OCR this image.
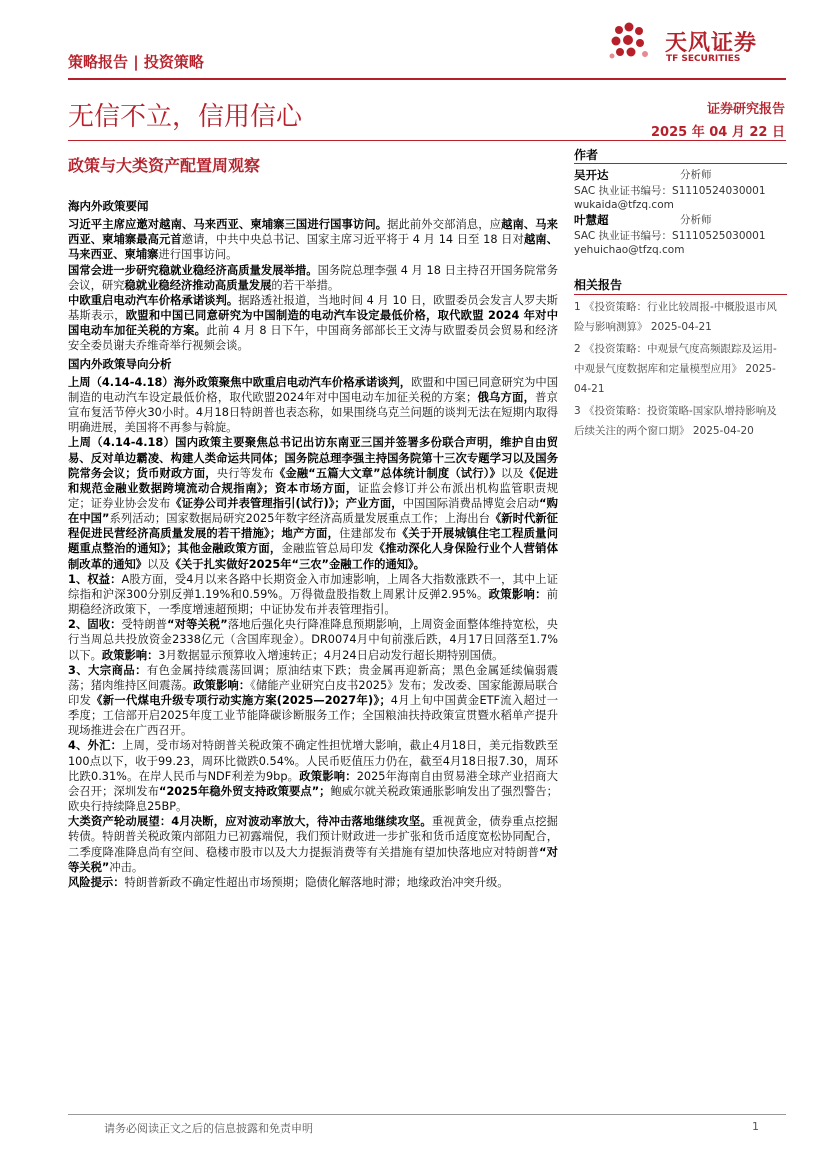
策略报告 | 投资策略
天风证券
TF SECURITIES
无信不立，信用信心	证券研究报告
2025 年 04 月 22 日
政策与大类资产配置周观察
作者
吴开达	分析师
SAC 执业证书编号：S1110524030001
wukaida@tfzq.com
叶慧超	分析师
SAC 执业证书编号：S1110525030001
yehuichao@tfzq.com
相关报告
1 《投资策略：行业比较周报-中概股退市风险与影响测算》 2025-04-21
2 《投资策略：中观景气度高频跟踪及运用-中观景气度数据库和定量模型应用》 2025-04-21
3 《投资策略：投资策略-国家队增持影响及后续关注的两个窗口期》 2025-04-20

海内外政策要闻

习近平主席应邀对越南、马来西亚、柬埔寨三国进行国事访问。据此前外交部消息，应越南、马来西亚、柬埔寨最高元首邀请，中共中央总书记、国家主席习近平将于 4 月 14 日至 18 日对越南、马来西亚、柬埔寨进行国事访问。

国常会进一步研究稳就业稳经济高质量发展举措。国务院总理李强 4 月 18 日主持召开国务院常务会议，研究稳就业稳经济推动高质量发展的若干举措。

中欧重启电动汽车价格承诺谈判。据路透社报道，当地时间 4 月 10 日，欧盟委员会发言人罗夫斯基斯表示，欧盟和中国已同意研究为中国制造的电动汽车设定最低价格，取代欧盟 2024 年对中国电动车加征关税的方案。此前 4 月 8 日下午，中国商务部部长王文涛与欧盟委员会贸易和经济安全委员谢夫乔维奇举行视频会谈。

国内外政策导向分析

上周（4.14-4.18）海外政策聚焦中欧重启电动汽车价格承诺谈判，欧盟和中国已同意研究为中国制造的电动汽车设定最低价格，取代欧盟2024年对中国电动车加征关税的方案；俄乌方面，普京宣布复活节停火30小时。4月18日特朗普也表态称，如果围绕乌克兰问题的谈判无法在短期内取得明确进展，美国将不再参与斡旋。

上周（4.14-4.18）国内政策主要聚焦总书记出访东南亚三国并签署多份联合声明，维护自由贸易、反对单边霸凌、构建人类命运共同体；国务院总理李强主持国务院第十三次专题学习以及国务院常务会议；货币财政方面，央行等发布《金融“五篇大文章”总体统计制度（试行）》以及《促进和规范金融业数据跨境流动合规指南》；资本市场方面，证监会修订并公布派出机构监管职责规定；证券业协会发布《证券公司并表管理指引(试行)》；产业方面，中国国际消费品博览会启动“购在中国”系列活动；国家数据局研究2025年数字经济高质量发展重点工作；上海出台《新时代新征程促进民营经济高质量发展的若干措施》；地产方面，住建部发布《关于开展城镇住宅工程质量问题重点整治的通知》；其他金融政策方面，金融监管总局印发《推动深化人身保险行业个人营销体制改革的通知》以及《关于扎实做好2025年“三农”金融工作的通知》。

1、权益：A股方面，受4月以来各路中长期资金入市加速影响，上周各大指数涨跌不一，其中上证综指和沪深300分别反弹1.19%和0.59%。万得微盘股指数上周累计反弹2.95%。政策影响：前期稳经济政策下，一季度增速超预期；中证协发布并表管理指引。

2、固收：受特朗普“对等关税”落地后强化央行降准降息预期影响，上周资金面整体维持宽松，央行当周总共投放资金2338亿元（含国库现金）。DR0074月中旬前涨后跌，4月17日回落至1.7%以下。政策影响：3月数据显示预算收入增速转正；4月24日启动发行超长期特别国债。

3、大宗商品：有色金属持续震荡回调；原油结束下跌；贵金属再迎新高；黑色金属延续偏弱震荡；猪肉维持区间震荡。政策影响：《储能产业研究白皮书2025》发布；发改委、国家能源局联合印发《新一代煤电升级专项行动实施方案(2025—2027年)》；4月上旬中国黄金ETF流入超过一季度；工信部开启2025年度工业节能降碳诊断服务工作；全国粮油扶持政策宣贯暨水稻单产提升现场推进会在广西召开。

4、外汇：上周，受市场对特朗普关税政策不确定性担忧增大影响，截止4月18日，美元指数跌至100点以下，收于99.23，周环比微跌0.54%。人民币贬值压力仍在，截至4月18日报7.30，周环比跌0.31%。在岸人民币与NDF利差为9bp。政策影响：2025年海南自由贸易港全球产业招商大会召开；深圳发布“2025年稳外贸支持政策要点”；鲍威尔就关税政策通胀影响发出了强烈警告；欧央行持续降息25BP。

大类资产轮动展望：4月决断，应对波动率放大，待冲击落地继续攻坚。重视黄金，债券重点挖掘转债。特朗普关税政策内部阻力已初露端倪，我们预计财政进一步扩张和货币适度宽松协同配合，二季度降准降息尚有空间、稳楼市股市以及大力提振消费等有关措施有望加快落地应对特朗普“对等关税”冲击。

风险提示：特朗普新政不确定性超出市场预期；隐债化解落地时滞；地缘政治冲突升级。

请务必阅读正文之后的信息披露和免责申明	1
